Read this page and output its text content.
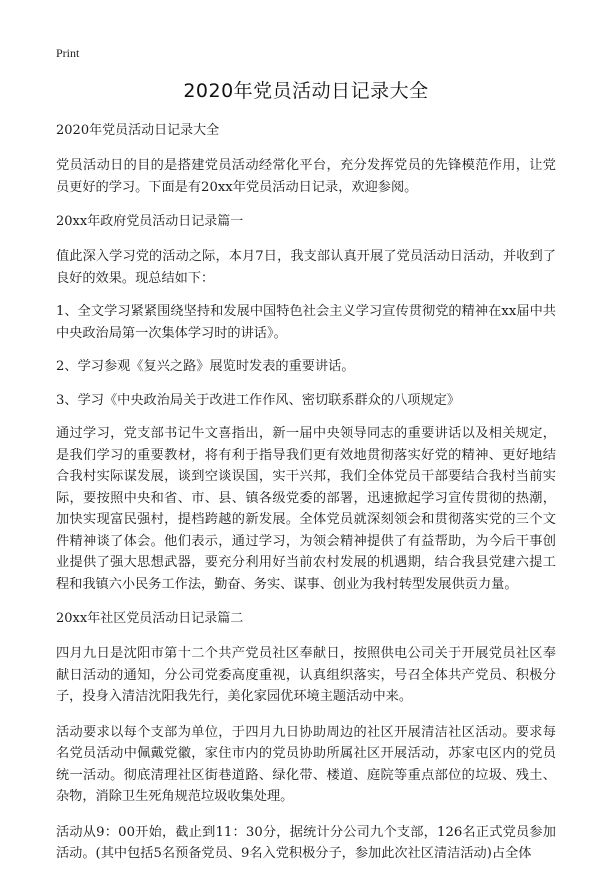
Print
2020年党员活动日记录大全
2020年党员活动日记录大全
党员活动日的目的是搭建党员活动经常化平台，充分发挥党员的先锋模范作用，让党员更好的学习。下面是有20xx年党员活动日记录，欢迎参阅。
20xx年政府党员活动日记录篇一
值此深入学习党的活动之际，本月7日，我支部认真开展了党员活动日活动，并收到了良好的效果。现总结如下：
1、全文学习紧紧围绕坚持和发展中国特色社会主义学习宣传贯彻党的精神在xx届中共中央政治局第一次集体学习时的讲话》。
2、学习参观《复兴之路》展览时发表的重要讲话。
3、学习《中央政治局关于改进工作作风、密切联系群众的八项规定》
通过学习，党支部书记牛文喜指出，新一届中央领导同志的重要讲话以及相关规定，是我们学习的重要教材，将有利于指导我们更有效地贯彻落实好党的精神、更好地结合我村实际谋发展，谈到空谈误国，实干兴邦，我们全体党员干部要结合我村当前实际，要按照中央和省、市、县、镇各级党委的部署，迅速掀起学习宣传贯彻的热潮，加快实现富民强村，提档跨越的新发展。全体党员就深刻领会和贯彻落实党的三个文件精神谈了体会。他们表示，通过学习，为领会精神提供了有益帮助，为今后干事创业提供了强大思想武器，要充分利用好当前农村发展的机遇期，结合我县党建六提工程和我镇六小民务工作法，勤奋、务实、谋事、创业为我村转型发展供贡力量。
20xx年社区党员活动日记录篇二
四月九日是沈阳市第十二个共产党员社区奉献日，按照供电公司关于开展党员社区奉献日活动的通知，分公司党委高度重视，认真组织落实，号召全体共产党员、积极分子，投身入清洁沈阳我先行，美化家园优环境主题活动中来。
活动要求以每个支部为单位，于四月九日协助周边的社区开展清洁社区活动。要求每名党员活动中佩戴党徽，家住市内的党员协助所属社区开展活动，苏家屯区内的党员统一活动。彻底清理社区街巷道路、绿化带、楼道、庭院等重点部位的垃圾、残土、杂物，消除卫生死角规范垃圾收集处理。
活动从9：00开始，截止到11：30分，据统计分公司九个支部，126名正式党员参加活动。(其中包括5名预备党员、9名入党积极分子，参加此次社区清洁活动)占全体
